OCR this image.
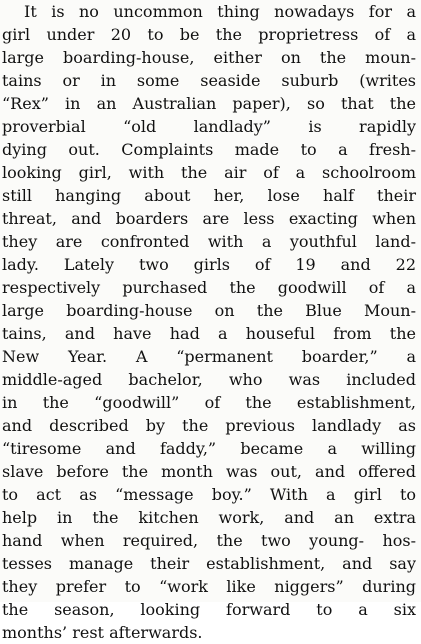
It is no uncommon thing nowadays for a
girl under 20 to be the proprietress of a
large boarding-house, either on the moun-
tains or in some seaside suburb (writes
“Rex” in an Australian paper), so that the
proverbial “old landlady” is rapidly
dying out. Complaints made to a fresh-
looking girl, with the air of a schoolroom
still hanging about her, lose half their
threat, and boarders are less exacting when
they are confronted with a youthful land-
lady. Lately two girls of 19 and 22
respectively purchased the goodwill of a
large boarding-house on the Blue Moun-
tains, and have had a houseful from the
New Year. A “permanent boarder,” a
middle-aged bachelor, who was included
in the “goodwill” of the establishment,
and described by the previous landlady as
“tiresome and faddy,” became a willing
slave before the month was out, and offered
to act as “message boy.” With a girl to
help in the kitchen work, and an extra
hand when required, the two young- hos-
tesses manage their establishment, and say
they prefer to “work like niggers” during
the season, looking forward to a six
months’ rest afterwards.
